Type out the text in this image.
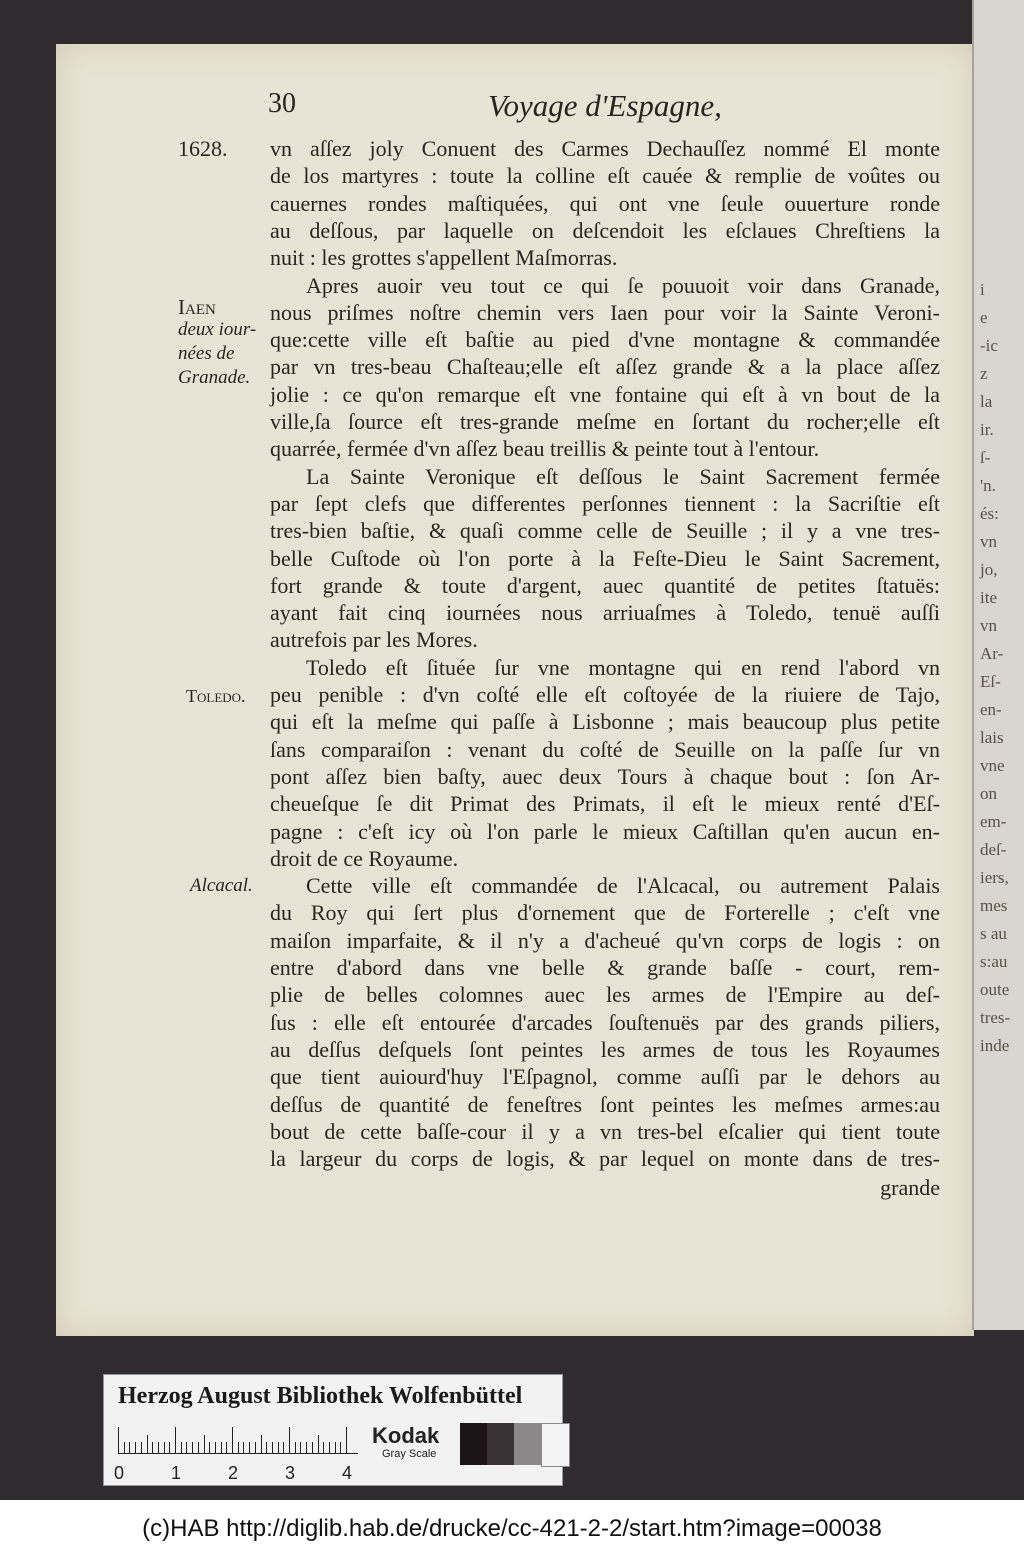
i
e
-ic
z
la
ir.
ſ-
'n.
és:
vn
jo,
ite
vn
Ar-
Eſ-
en-
lais
vne
on
em-
deſ-
iers,
mes
s au
s:au
oute
tres-
inde
30	Voyage d'Espagne,
1628.
Iaen
deux iour-
nées de
Granade.
Toledo.
Alcacal.
vn aſſez joly Conuent des Carmes Dechauſſez nommé El monte
de los martyres : toute la colline eſt cauée & remplie de voûtes ou
cauernes rondes maſtiquées, qui ont vne ſeule ouuerture ronde
au deſſous, par laquelle on deſcendoit les eſclaues Chreſtiens la
nuit : les grottes s'appellent Maſmorras.
Apres auoir veu tout ce qui ſe pouuoit voir dans Granade,
nous priſmes noſtre chemin vers Iaen pour voir la Sainte Veroni-
que:cette ville eſt baſtie au pied d'vne montagne & commandée
par vn tres-beau Chaſteau;elle eſt aſſez grande & a la place aſſez
jolie : ce qu'on remarque eſt vne fontaine qui eſt à vn bout de la
ville,ſa ſource eſt tres-grande meſme en ſortant du rocher;elle eſt
quarrée, fermée d'vn aſſez beau treillis & peinte tout à l'entour.
La Sainte Veronique eſt deſſous le Saint Sacrement fermée
par ſept clefs que differentes perſonnes tiennent : la Sacriſtie eſt
tres-bien baſtie, & quaſi comme celle de Seuille ; il y a vne tres-
belle Cuſtode où l'on porte à la Feſte-Dieu le Saint Sacrement,
fort grande & toute d'argent, auec quantité de petites ſtatuës:
ayant fait cinq iournées nous arriuaſmes à Toledo, tenuë auſſi
autrefois par les Mores.
Toledo eſt ſituée ſur vne montagne qui en rend l'abord vn
peu penible : d'vn coſté elle eſt coſtoyée de la riuiere de Tajo,
qui eſt la meſme qui paſſe à Lisbonne ; mais beaucoup plus petite
ſans comparaiſon : venant du coſté de Seuille on la paſſe ſur vn
pont aſſez bien baſty, auec deux Tours à chaque bout : ſon Ar-
cheueſque ſe dit Primat des Primats, il eſt le mieux renté d'Eſ-
pagne : c'eſt icy où l'on parle le mieux Caſtillan qu'en aucun en-
droit de ce Royaume.
Cette ville eſt commandée de l'Alcacal, ou autrement Palais
du Roy qui ſert plus d'ornement que de Forterelle ; c'eſt vne
maiſon imparfaite, & il n'y a d'acheué qu'vn corps de logis : on
entre d'abord dans vne belle & grande baſſe - court, rem-
plie de belles colomnes auec les armes de l'Empire au deſ-
ſus : elle eſt entourée d'arcades ſouſtenuës par des grands piliers,
au deſſus deſquels ſont peintes les armes de tous les Royaumes
que tient auiourd'huy l'Eſpagnol, comme auſſi par le dehors au
deſſus de quantité de feneſtres ſont peintes les meſmes armes:au
bout de cette baſſe-cour il y a vn tres-bel eſcalier qui tient toute
la largeur du corps de logis, & par lequel on monte dans de tres-
grande
Herzog August Bibliothek Wolfenbüttel
0	1	2	3	4
Kodak
Gray Scale
(c)HAB http://diglib.hab.de/drucke/cc-421-2-2/start.htm?image=00038
